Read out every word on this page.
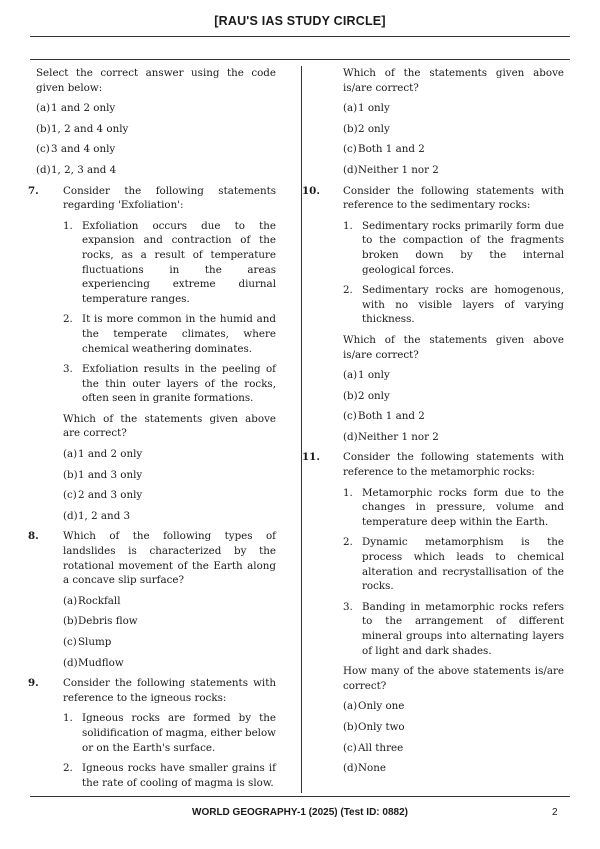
[RAU'S IAS STUDY CIRCLE]
Select the correct answer using the code given below:
(a) 1 and 2 only
(b) 1, 2 and 4 only
(c) 3 and 4 only
(d) 1, 2, 3 and 4
7. Consider the following statements regarding 'Exfoliation':
1. Exfoliation occurs due to the expansion and contraction of the rocks, as a result of temperature fluctuations in the areas experiencing extreme diurnal temperature ranges.
2. It is more common in the humid and the temperate climates, where chemical weathering dominates.
3. Exfoliation results in the peeling of the thin outer layers of the rocks, often seen in granite formations.
Which of the statements given above are correct?
(a) 1 and 2 only
(b) 1 and 3 only
(c) 2 and 3 only
(d) 1, 2 and 3
8. Which of the following types of landslides is characterized by the rotational movement of the Earth along a concave slip surface?
(a) Rockfall
(b) Debris flow
(c) Slump
(d) Mudflow
9. Consider the following statements with reference to the igneous rocks:
1. Igneous rocks are formed by the solidification of magma, either below or on the Earth's surface.
2. Igneous rocks have smaller grains if the rate of cooling of magma is slow.
Which of the statements given above is/are correct?
(a) 1 only
(b) 2 only
(c) Both 1 and 2
(d) Neither 1 nor 2
10. Consider the following statements with reference to the sedimentary rocks:
1. Sedimentary rocks primarily form due to the compaction of the fragments broken down by the internal geological forces.
2. Sedimentary rocks are homogenous, with no visible layers of varying thickness.
Which of the statements given above is/are correct?
(a) 1 only
(b) 2 only
(c) Both 1 and 2
(d) Neither 1 nor 2
11. Consider the following statements with reference to the metamorphic rocks:
1. Metamorphic rocks form due to the changes in pressure, volume and temperature deep within the Earth.
2. Dynamic metamorphism is the process which leads to chemical alteration and recrystallisation of the rocks.
3. Banding in metamorphic rocks refers to the arrangement of different mineral groups into alternating layers of light and dark shades.
How many of the above statements is/are correct?
(a) Only one
(b) Only two
(c) All three
(d) None
WORLD GEOGRAPHY-1 (2025) (Test ID: 0882)	2
